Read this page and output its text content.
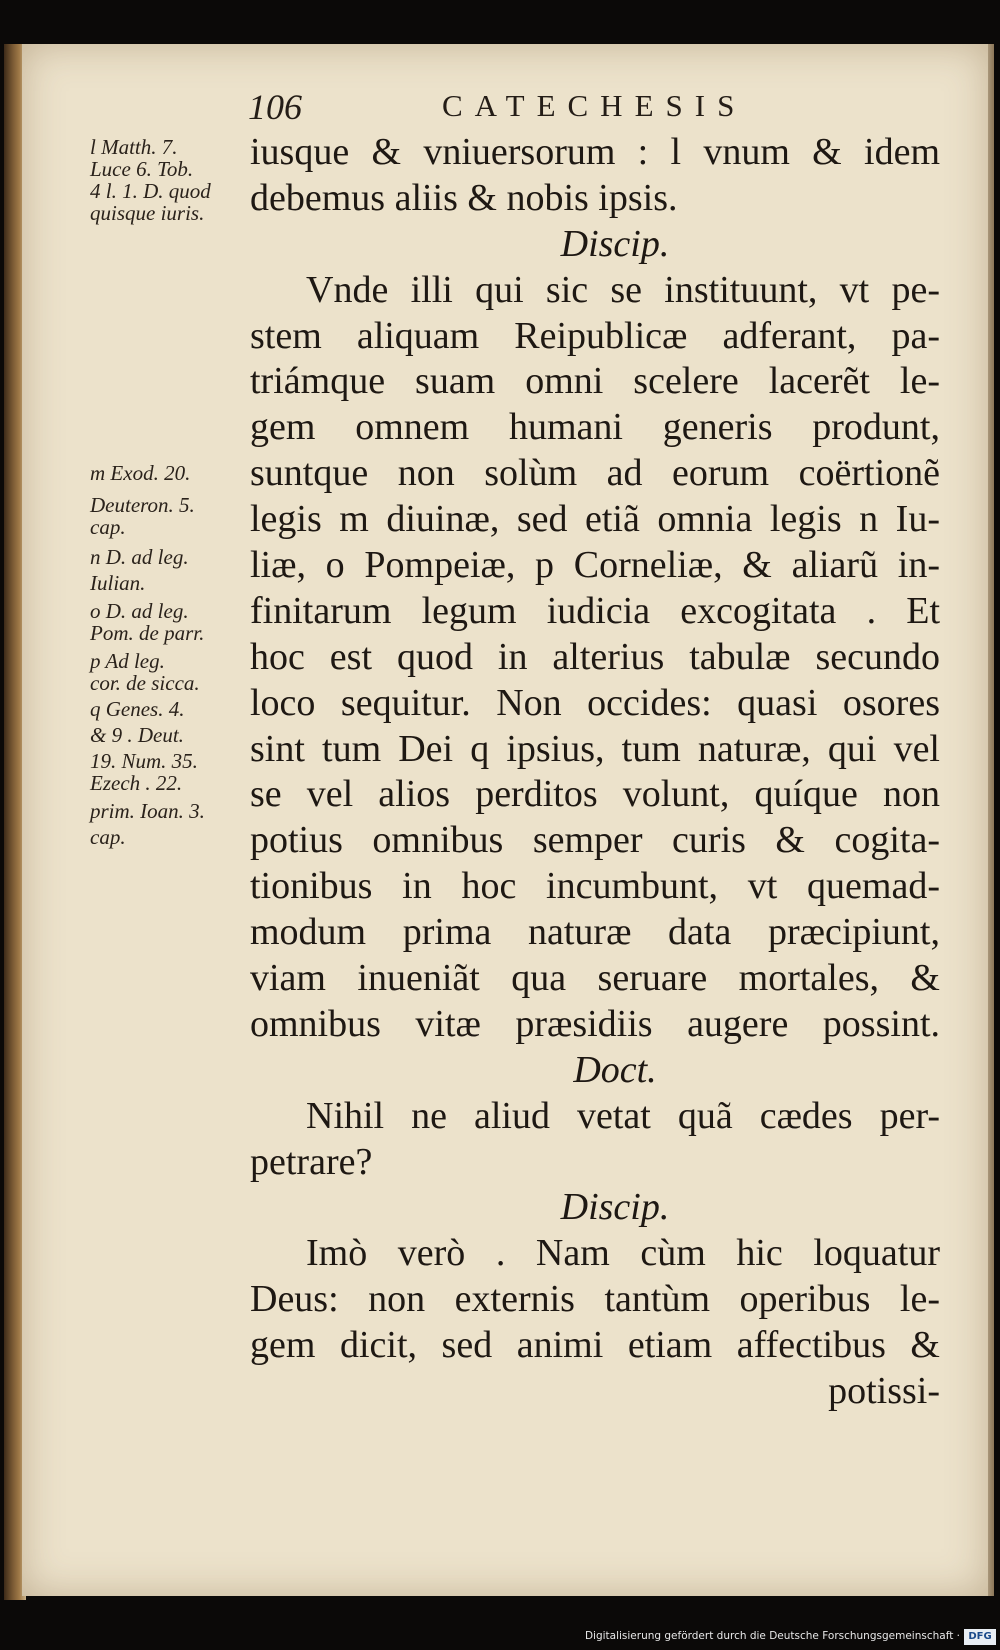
106	CATECHESIS
l Matth. 7.
Luce 6. Tob.
4 l. 1. D. quod
quisque iuris.
m Exod. 20.
Deuteron. 5.
cap.
n D. ad leg.
Iulian.
o D. ad leg.
Pom. de parr.
p Ad leg.
cor. de sicca.
q Genes. 4.
& 9 . Deut.
19. Num. 35.
Ezech . 22.
prim. Ioan. 3.
cap.
iusque & vniuersorum : l vnum & idem
debemus aliis & nobis ipsis.
Discip.
Vnde illi qui sic se instituunt, vt pe-
stem aliquam Reipublicæ adferant, pa-
triámque suam omni scelere lacerẽt le-
gem omnem humani generis produnt,
suntque non solùm ad eorum coërtionẽ
legis m diuinæ, sed etiã omnia legis n Iu-
liæ, o Pompeiæ, p Corneliæ, & aliarũ in-
finitarum legum iudicia excogitata . Et
hoc est quod in alterius tabulæ secundo
loco sequitur. Non occides: quasi osores
sint tum Dei q ipsius, tum naturæ, qui vel
se vel alios perditos volunt, quíque non
potius omnibus semper curis & cogita-
tionibus in hoc incumbunt, vt quemad-
modum prima naturæ data præcipiunt,
viam inueniãt qua seruare mortales, &
omnibus vitæ præsidiis augere possint.
Doct.
Nihil ne aliud vetat quã cædes per-
petrare?
Discip.
Imò verò . Nam cùm hic loquatur
Deus: non externis tantùm operibus le-
gem dicit, sed animi etiam affectibus &
potissi-
Digitalisierung gefördert durch die Deutsche Forschungsgemeinschaft · DFG
